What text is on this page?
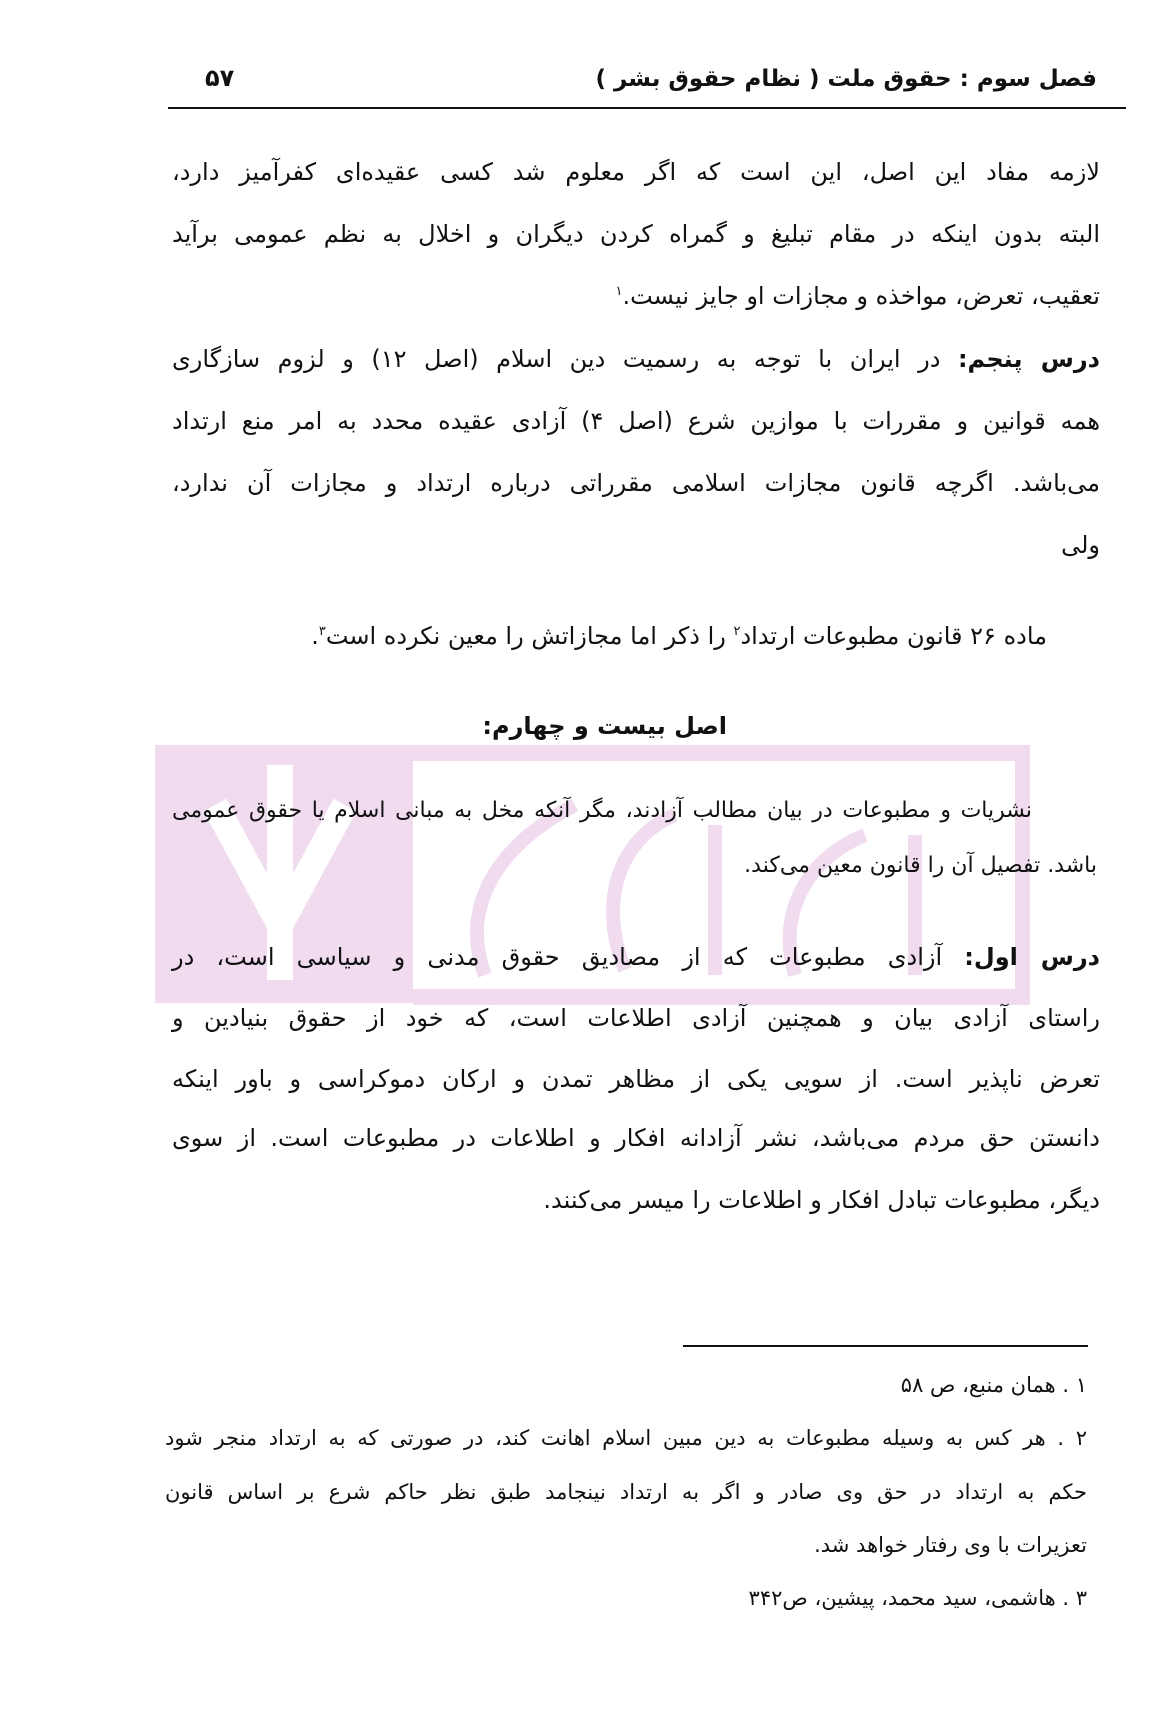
فصل سوم : حقوق ملت ( نظام حقوق بشر )
۵۷
لازمه مفاد این اصل، این است که اگر معلوم شد کسی عقیده‌ای کفرآمیز دارد،
البته بدون اینکه در مقام تبلیغ و گمراه کردن دیگران و اخلال به نظم عمومی برآید
تعقیب، تعرض، مواخذه و مجازات او جایز نیست.$^۱$
درس پنجم: در ایران با توجه به رسمیت دین اسلام (اصل ۱۲) و لزوم سازگاری
همه قوانین و مقررات با موازین شرع (اصل ۴) آزادی عقیده محدد به امر منع ارتداد
می‌باشد. اگرچه قانون مجازات اسلامی مقرراتی درباره ارتداد و مجازات آن ندارد،
ولی
ماده ۲۶ قانون مطبوعات ارتداد$^۲$ را ذکر اما مجازاتش را معین نکرده است$^۳$.
اصل بیست و چهارم:
نشریات و مطبوعات در بیان مطالب آزادند، مگر آنکه مخل به مبانی اسلام یا حقوق عمومی
باشد. تفصیل آن را قانون معین می‌کند.
درس اول: آزادی مطبوعات که از مصادیق حقوق مدنی و سیاسی است، در
راستای آزادی بیان و همچنین آزادی اطلاعات است، که خود از حقوق بنیادین و
تعرض ناپذیر است. از سویی یکی از مظاهر تمدن و ارکان دموکراسی و باور اینکه
دانستن حق مردم می‌باشد، نشر آزادانه افکار و اطلاعات در مطبوعات است. از سوی
دیگر، مطبوعات تبادل افکار و اطلاعات را میسر می‌کنند.
۱ . همان منبع، ص ۵۸
۲ . هر کس به وسیله مطبوعات به دین مبین اسلام اهانت کند، در صورتی که به ارتداد منجر شود
حکم به ارتداد در حق وی صادر و اگر به ارتداد نینجامد طبق نظر حاکم شرع بر اساس قانون
تعزیرات با وی رفتار خواهد شد.
۳ . هاشمی، سید محمد، پیشین، ص۳۴۲
